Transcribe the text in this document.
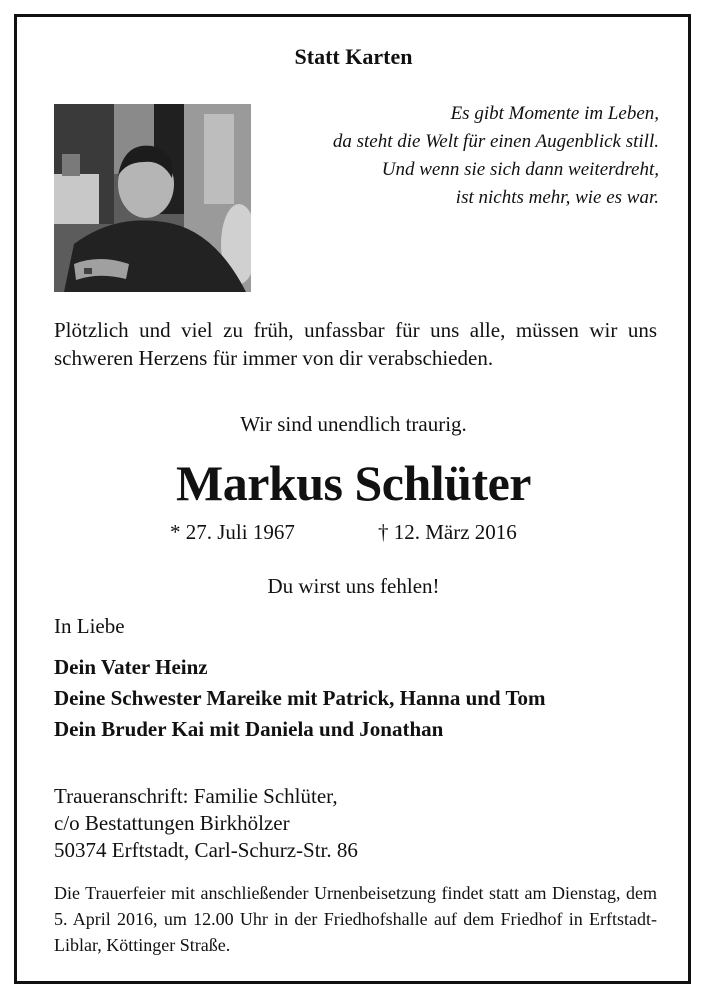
Statt Karten

Es gibt Momente im Leben,
da steht die Welt für einen Augenblick still.
Und wenn sie sich dann weiterdreht,
ist nichts mehr, wie es war.

Plötzlich und viel zu früh, unfassbar für uns alle, müssen wir uns schweren Herzens für immer von dir verabschieden.

Wir sind unendlich traurig.

Markus Schlüter

* 27. Juli 1967	† 12. März 2016

Du wirst uns fehlen!

In Liebe

Dein Vater Heinz
Deine Schwester Mareike mit Patrick, Hanna und Tom
Dein Bruder Kai mit Daniela und Jonathan
Traueranschrift: Familie Schlüter,
c/o Bestattungen Birkhölzer
50374 Erftstadt, Carl-Schurz-Str. 86

Die Trauerfeier mit anschließender Urnenbeisetzung findet statt am Dienstag, dem 5. April 2016, um 12.00 Uhr in der Friedhofshalle auf dem Friedhof in Erftstadt-Liblar, Köttinger Straße.
